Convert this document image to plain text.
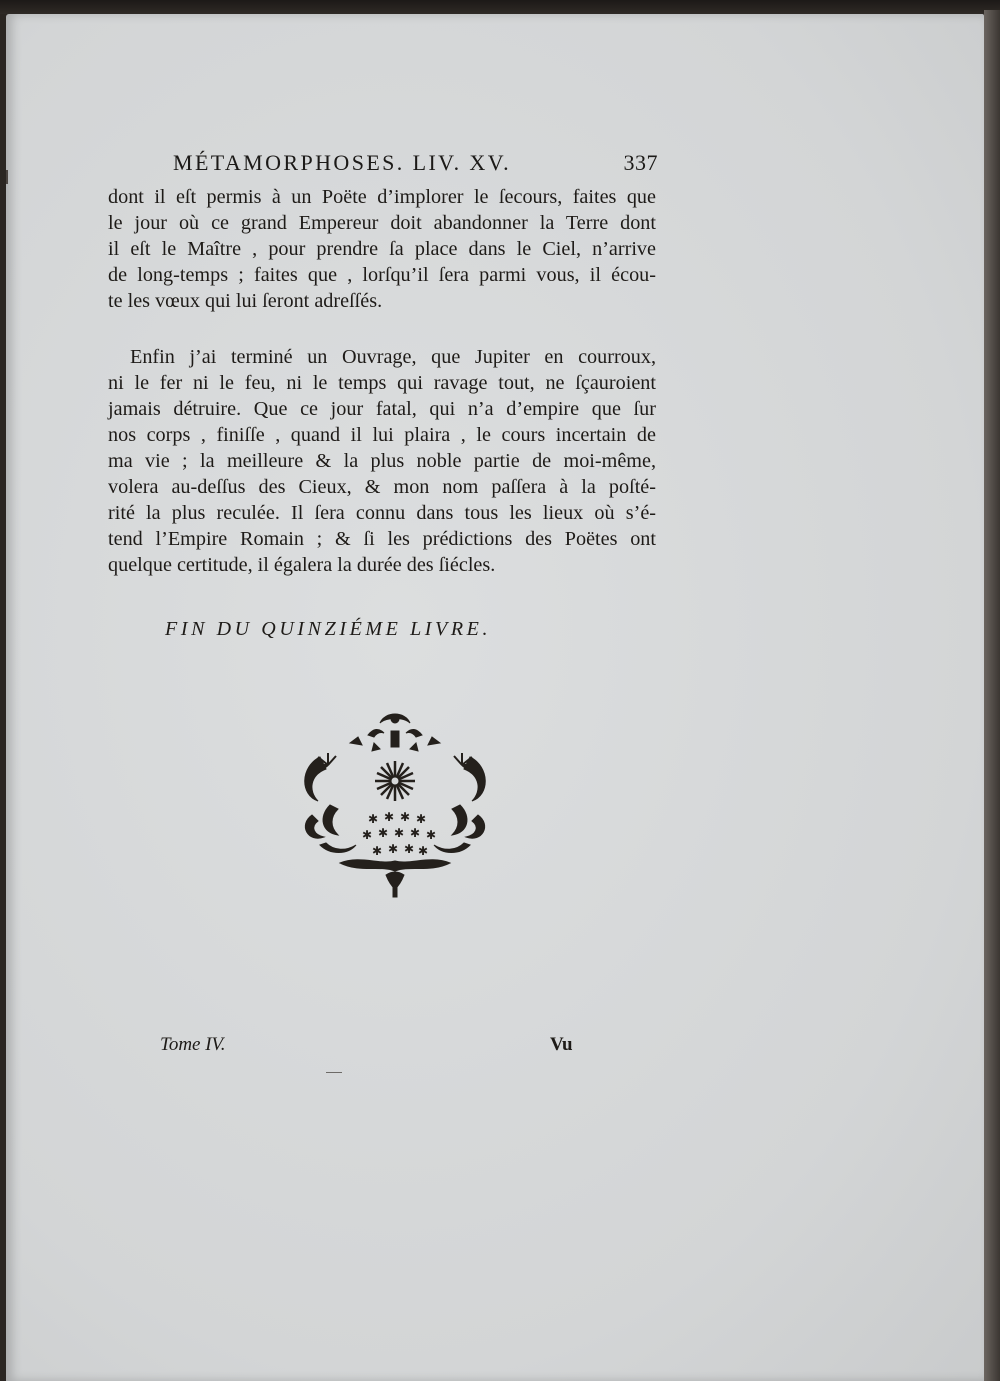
MÉTAMORPHOSES. LIV. XV.	337
dont il eſt permis à un Poëte d’implorer le ſecours, faites que
le jour où ce grand Empereur doit abandonner la Terre dont
il eſt le Maître , pour prendre ſa place dans le Ciel, n’arrive
de long-temps ; faites que , lorſqu’il ſera parmi vous, il écou-
te les vœux qui lui ſeront adreſſés.
Enfin j’ai terminé un Ouvrage, que Jupiter en courroux,
ni le fer ni le feu, ni le temps qui ravage tout, ne ſçauroient
jamais détruire. Que ce jour fatal, qui n’a d’empire que ſur
nos corps , finiſſe , quand il lui plaira , le cours incertain de
ma vie ; la meilleure & la plus noble partie de moi-même,
volera au-deſſus des Cieux, & mon nom paſſera à la poſté-
rité la plus reculée. Il ſera connu dans tous les lieux où s’é-
tend l’Empire Romain ; & ſi les prédictions des Poëtes ont
quelque certitude, il égalera la durée des ſiécles.
FIN DU QUINZIÉME LIVRE.
✱ ✱ ✱ ✱
✱ ✱ ✱ ✱ ✱
✱ ✱ ✱ ✱
Tome IV.	Vu
